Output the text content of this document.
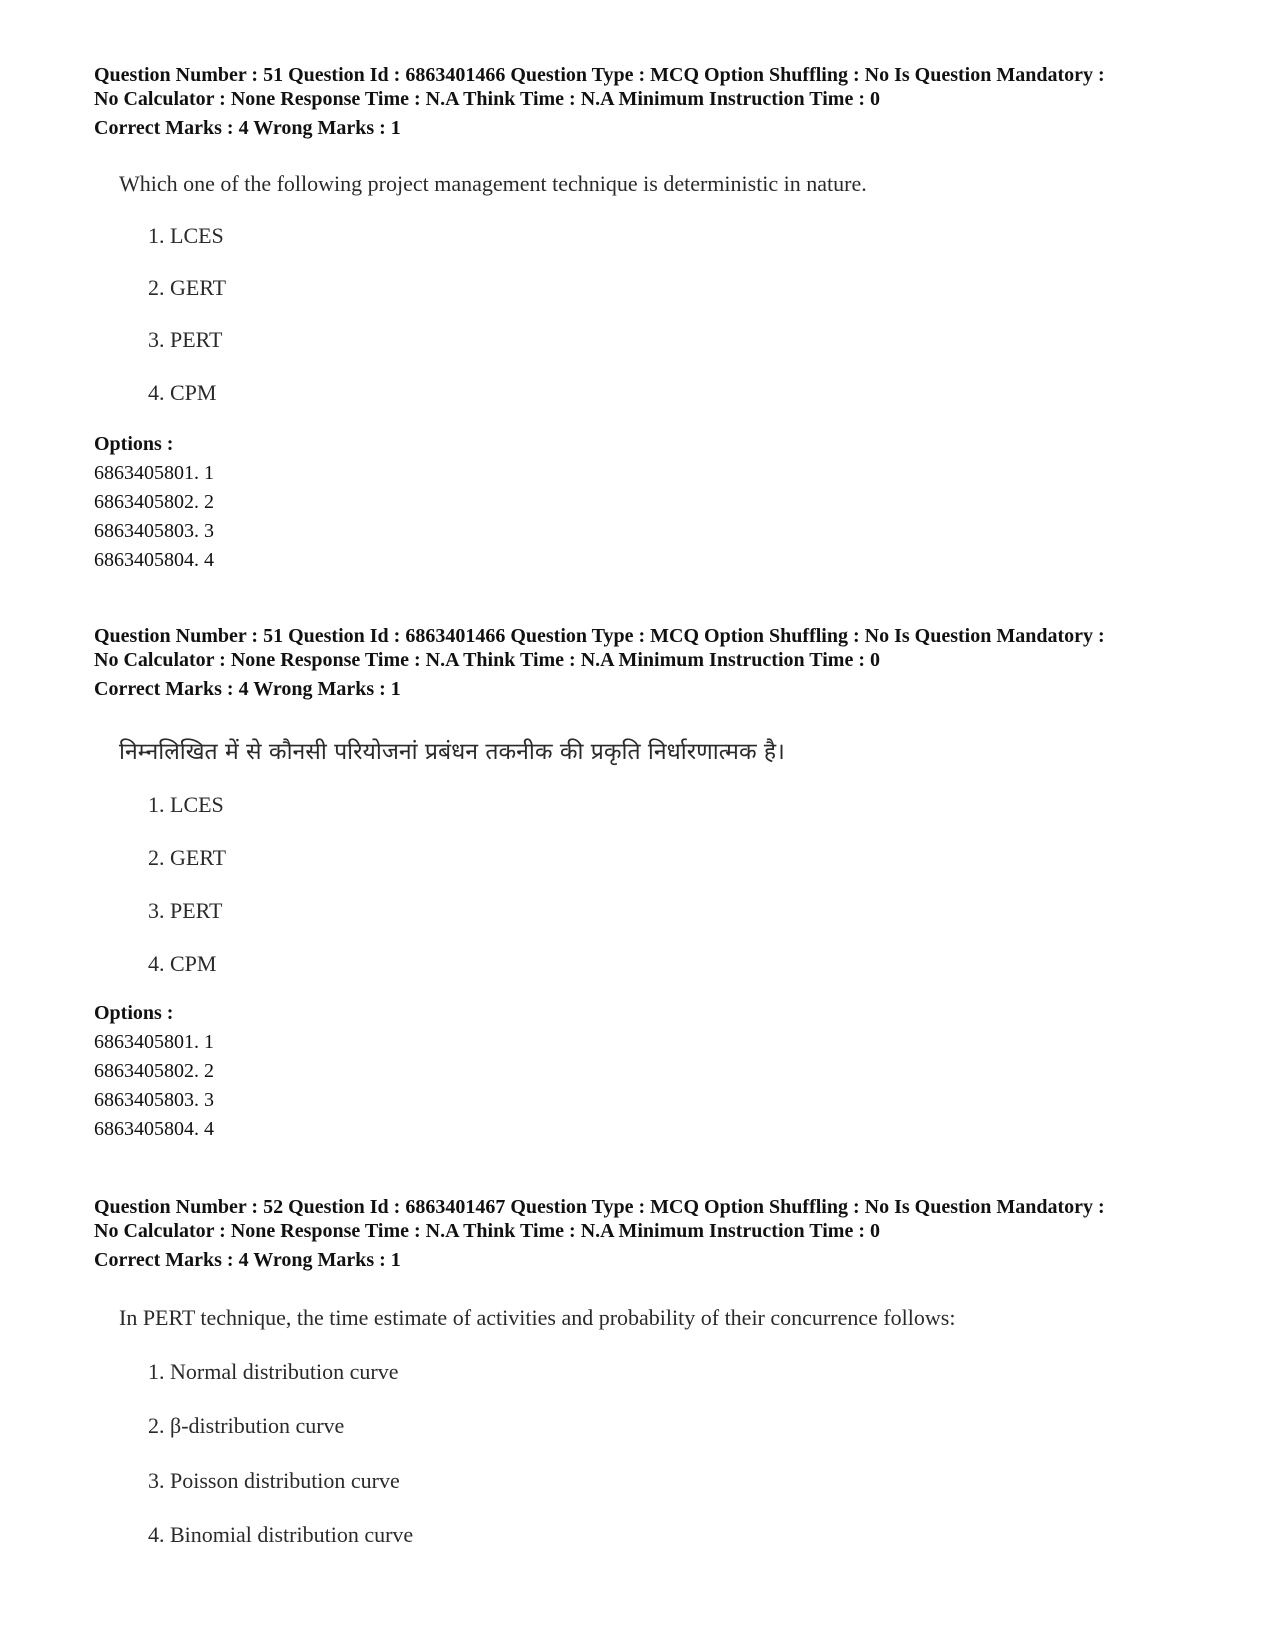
Question Number : 51 Question Id : 6863401466 Question Type : MCQ Option Shuffling : No Is Question Mandatory :

No Calculator : None Response Time : N.A Think Time : N.A Minimum Instruction Time : 0

Correct Marks : 4 Wrong Marks : 1

Which one of the following project management technique is deterministic in nature.

1. LCES

2. GERT

3. PERT

4. CPM

Options :

6863405801. 1

6863405802. 2

6863405803. 3

6863405804. 4

Question Number : 51 Question Id : 6863401466 Question Type : MCQ Option Shuffling : No Is Question Mandatory :

No Calculator : None Response Time : N.A Think Time : N.A Minimum Instruction Time : 0

Correct Marks : 4 Wrong Marks : 1

निम्नलिखित में से कौनसी परियोजनां प्रबंधन तकनीक की प्रकृति निर्धारणात्मक है।

1. LCES

2. GERT

3. PERT

4. CPM

Options :

6863405801. 1

6863405802. 2

6863405803. 3

6863405804. 4

Question Number : 52 Question Id : 6863401467 Question Type : MCQ Option Shuffling : No Is Question Mandatory :

No Calculator : None Response Time : N.A Think Time : N.A Minimum Instruction Time : 0

Correct Marks : 4 Wrong Marks : 1

In PERT technique, the time estimate of activities and probability of their concurrence follows:

1. Normal distribution curve

2. β-distribution curve

3. Poisson distribution curve

4. Binomial distribution curve
